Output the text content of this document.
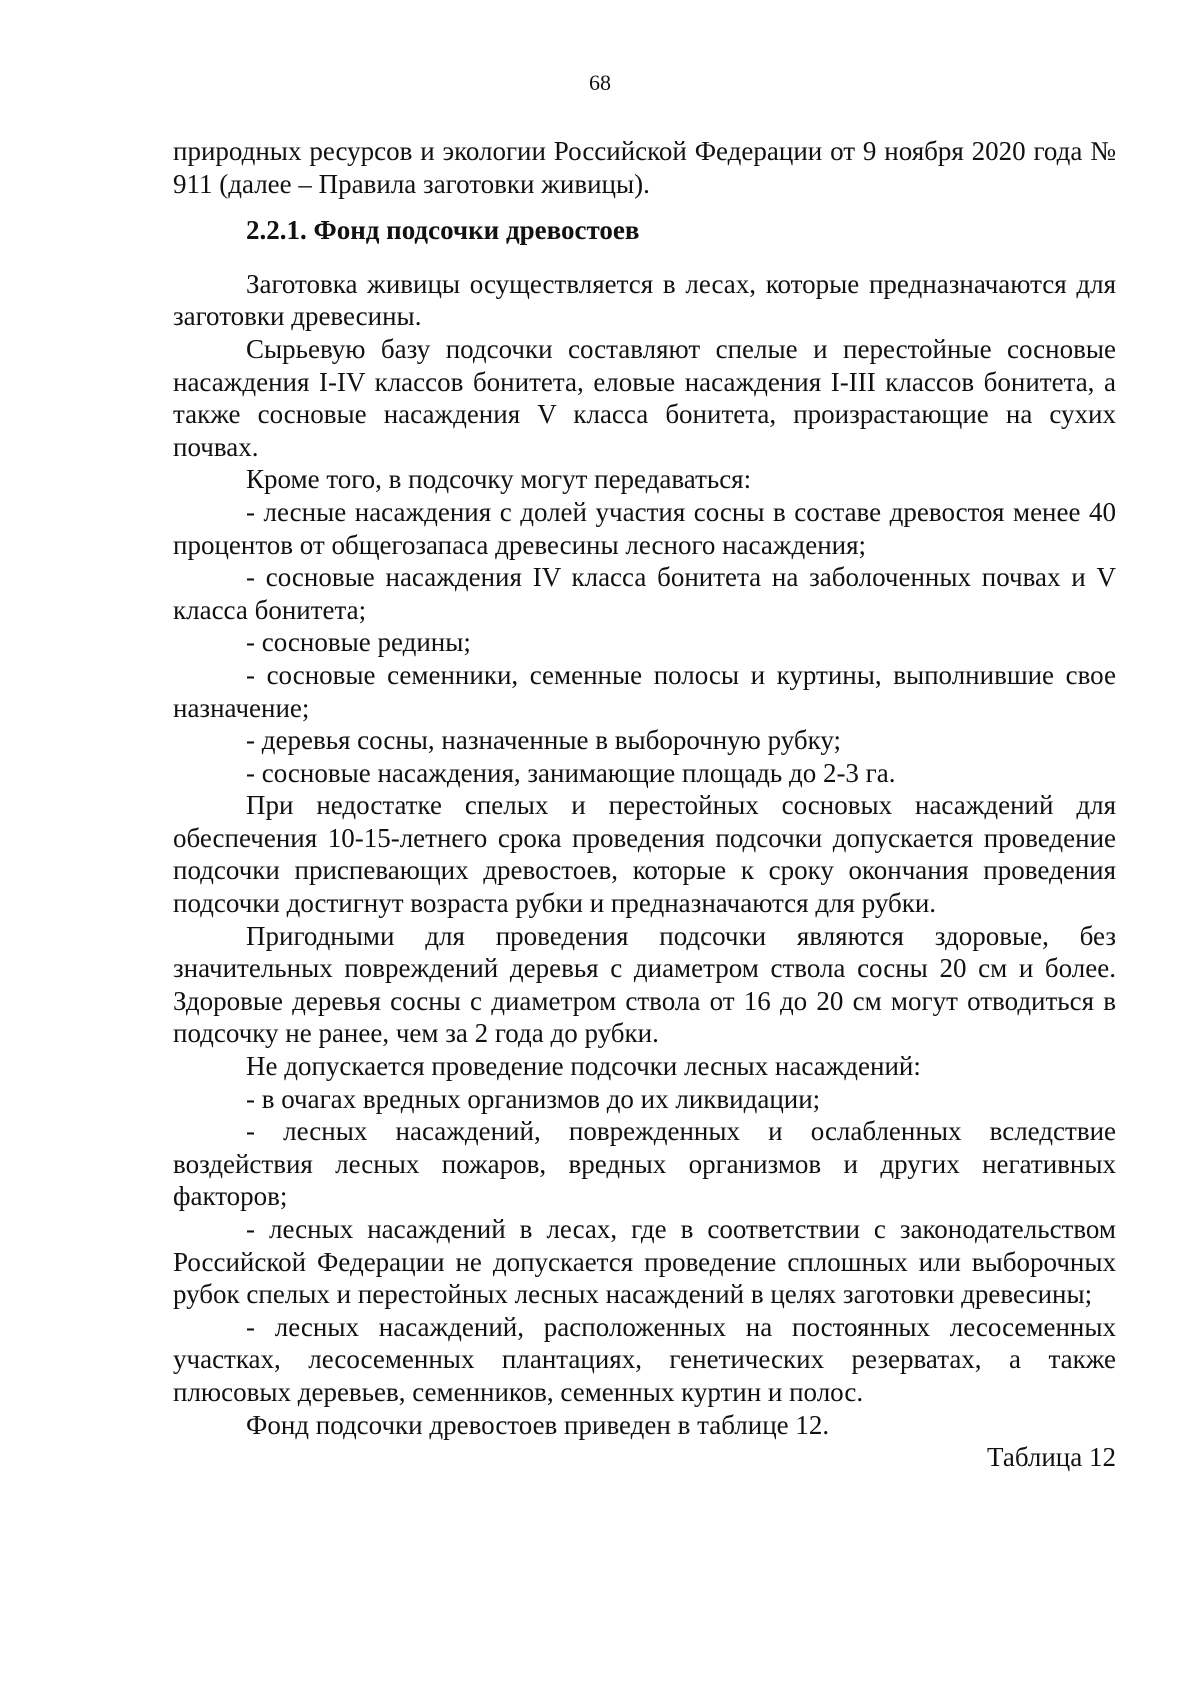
68

природных ресурсов и экологии Российской Федерации от 9 ноября 2020 года № 911 (далее – Правила заготовки живицы).

2.2.1. Фонд подсочки древостоев

Заготовка живицы осуществляется в лесах, которые предназначаются для заготовки древесины.

Сырьевую базу подсочки составляют спелые и перестойные сосновые насаждения I-IV классов бонитета, еловые насаждения I-III классов бонитета, а также сосновые насаждения V класса бонитета, произрастающие на сухих почвах.

Кроме того, в подсочку могут передаваться:

- лесные насаждения с долей участия сосны в составе древостоя менее 40 процентов от общегозапаса древесины лесного насаждения;

- сосновые насаждения IV класса бонитета на заболоченных почвах и V класса бонитета;

- сосновые редины;

- сосновые семенники, семенные полосы и куртины, выполнившие свое назначение;

- деревья сосны, назначенные в выборочную рубку;

- сосновые насаждения, занимающие площадь до 2-3 га.

При недостатке спелых и перестойных сосновых насаждений для обеспечения 10-15-летнего срока проведения подсочки допускается проведение подсочки приспевающих древостоев, которые к сроку окончания проведения подсочки достигнут возраста рубки и предназначаются для рубки.

Пригодными для проведения подсочки являются здоровые, без значительных повреждений деревья с диаметром ствола сосны 20 см и более. Здоровые деревья сосны с диаметром ствола от 16 до 20 см могут отводиться в подсочку не ранее, чем за 2 года до рубки.

Не допускается проведение подсочки лесных насаждений:

- в очагах вредных организмов до их ликвидации;

- лесных насаждений, поврежденных и ослабленных вследствие воздействия лесных пожаров, вредных организмов и других негативных факторов;

- лесных насаждений в лесах, где в соответствии с законодательством Российской Федерации не допускается проведение сплошных или выборочных рубок спелых и перестойных лесных насаждений в целях заготовки древесины;

- лесных насаждений, расположенных на постоянных лесосеменных участках, лесосеменных плантациях, генетических резерватах, а также плюсовых деревьев, семенников, семенных куртин и полос.

Фонд подсочки древостоев приведен в таблице 12.

Таблица 12
